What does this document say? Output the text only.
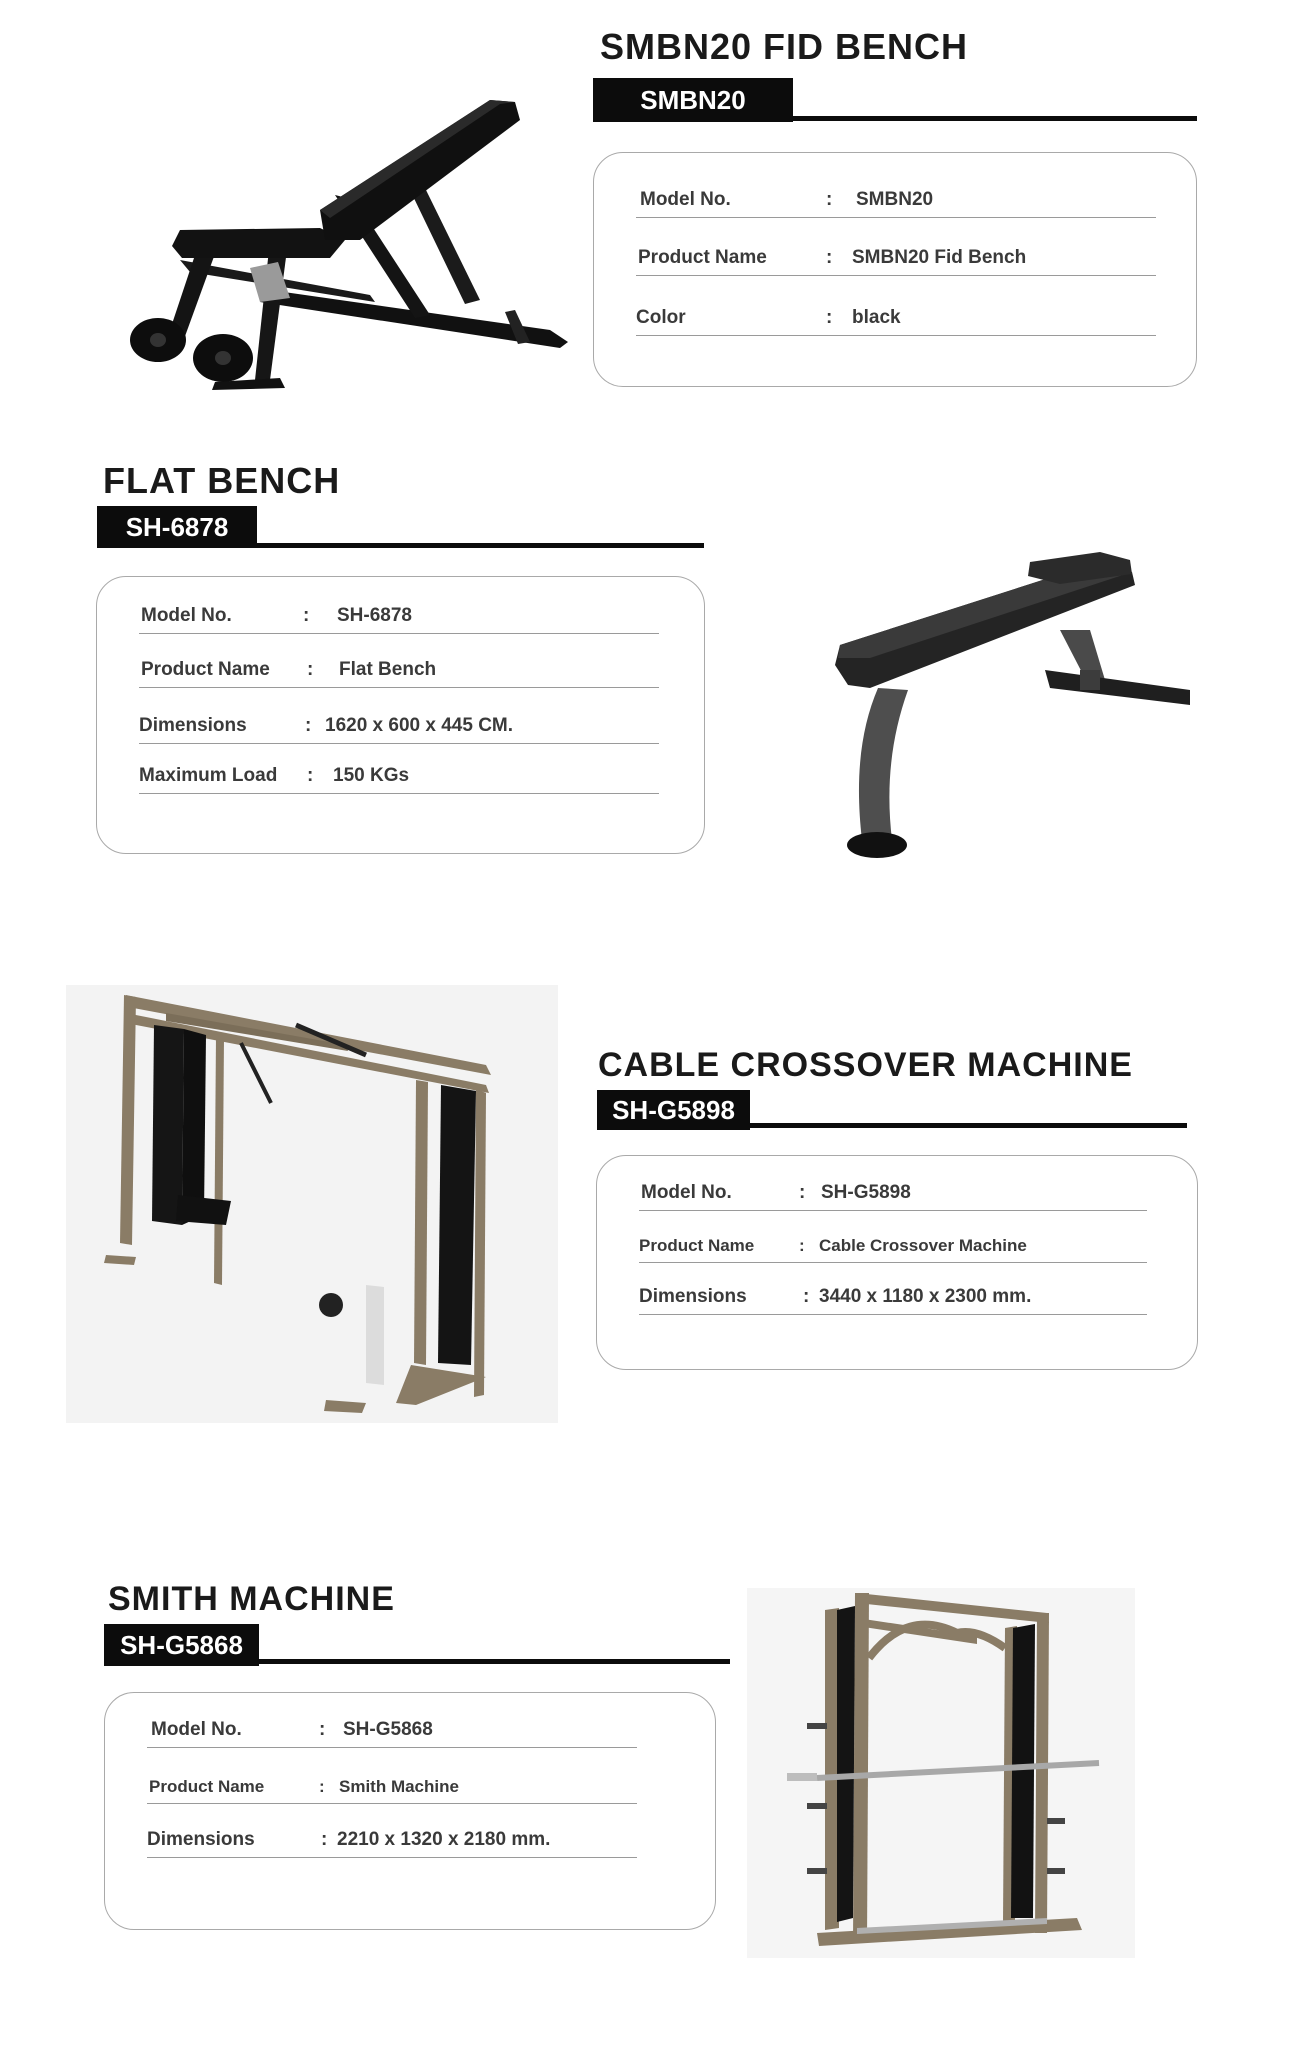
SMBN20 FID BENCH
SMBN20
Model No.	: SMBN20
Product Name	: SMBN20 Fid Bench
Color	: black
FLAT BENCH
SH-6878
Model No.	: SH-6878
Product Name : Flat Bench
Dimensions	: 1620 x 600 x 445 CM.
Maximum Load : 150 KGs
CABLE CROSSOVER MACHINE
SH-G5898
Model No.	: SH-G5898
Product Name	: Cable Crossover Machine
Dimensions	: 3440 x 1180 x 2300 mm.
SMITH MACHINE
SH-G5868
Model No.	: SH-G5868
Product Name	: Smith Machine
Dimensions	: 2210 x 1320 x 2180 mm.
